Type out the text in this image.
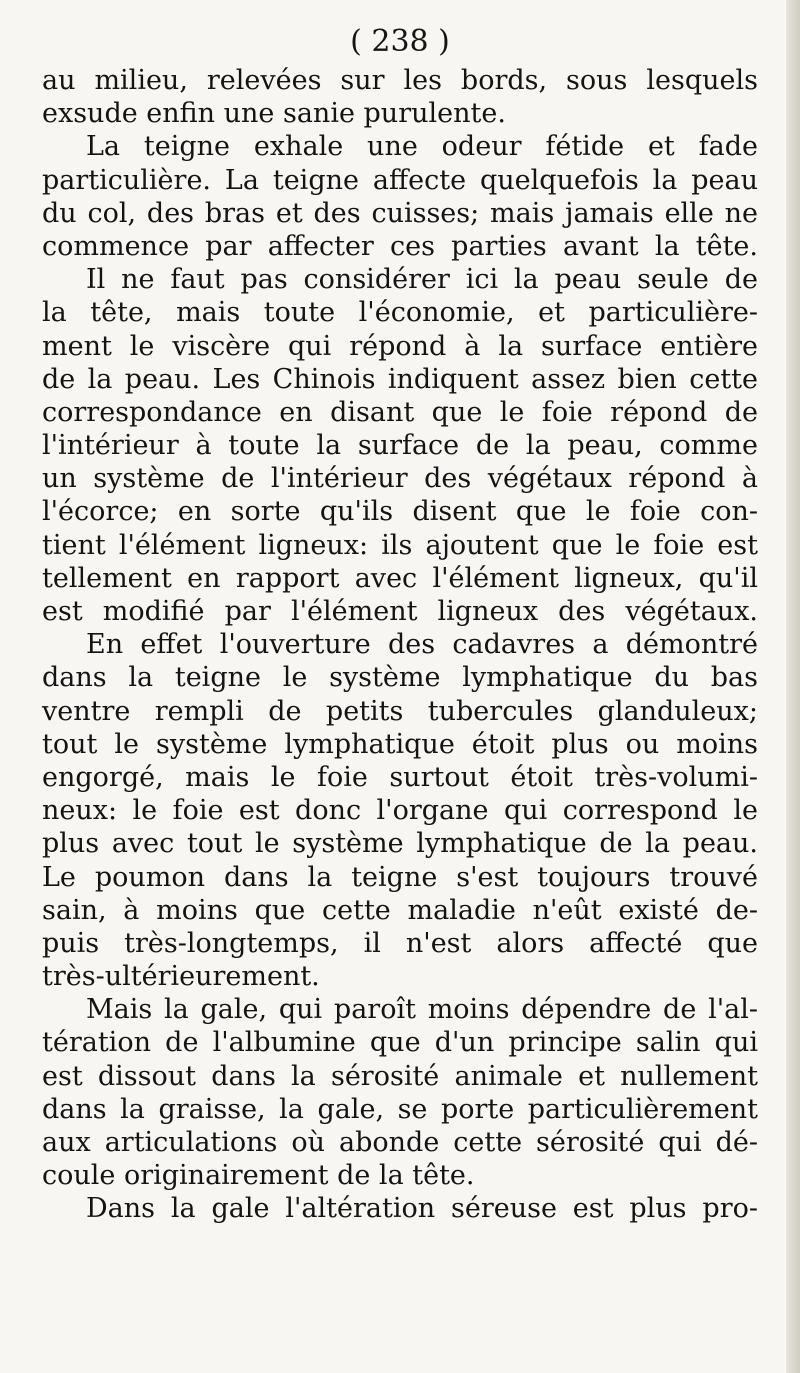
( 238 )
au milieu, relevées sur les bords, sous lesquels
exsude enfin une sanie purulente.
La teigne exhale une odeur fétide et fade
particulière. La teigne affecte quelquefois la peau
du col, des bras et des cuisses; mais jamais elle ne
commence par affecter ces parties avant la tête.
Il ne faut pas considérer ici la peau seule de
la tête, mais toute l'économie, et particulière-
ment le viscère qui répond à la surface entière
de la peau. Les Chinois indiquent assez bien cette
correspondance en disant que le foie répond de
l'intérieur à toute la surface de la peau, comme
un système de l'intérieur des végétaux répond à
l'écorce; en sorte qu'ils disent que le foie con-
tient l'élément ligneux: ils ajoutent que le foie est
tellement en rapport avec l'élément ligneux, qu'il
est modifié par l'élément ligneux des végétaux.
En effet l'ouverture des cadavres a démontré
dans la teigne le système lymphatique du bas
ventre rempli de petits tubercules glanduleux;
tout le système lymphatique étoit plus ou moins
engorgé, mais le foie surtout étoit très-volumi-
neux: le foie est donc l'organe qui correspond le
plus avec tout le système lymphatique de la peau.
Le poumon dans la teigne s'est toujours trouvé
sain, à moins que cette maladie n'eût existé de-
puis très-longtemps, il n'est alors affecté que
très-ultérieurement.
Mais la gale, qui paroît moins dépendre de l'al-
tération de l'albumine que d'un principe salin qui
est dissout dans la sérosité animale et nullement
dans la graisse, la gale, se porte particulièrement
aux articulations où abonde cette sérosité qui dé-
coule originairement de la tête.
Dans la gale l'altération séreuse est plus pro-
